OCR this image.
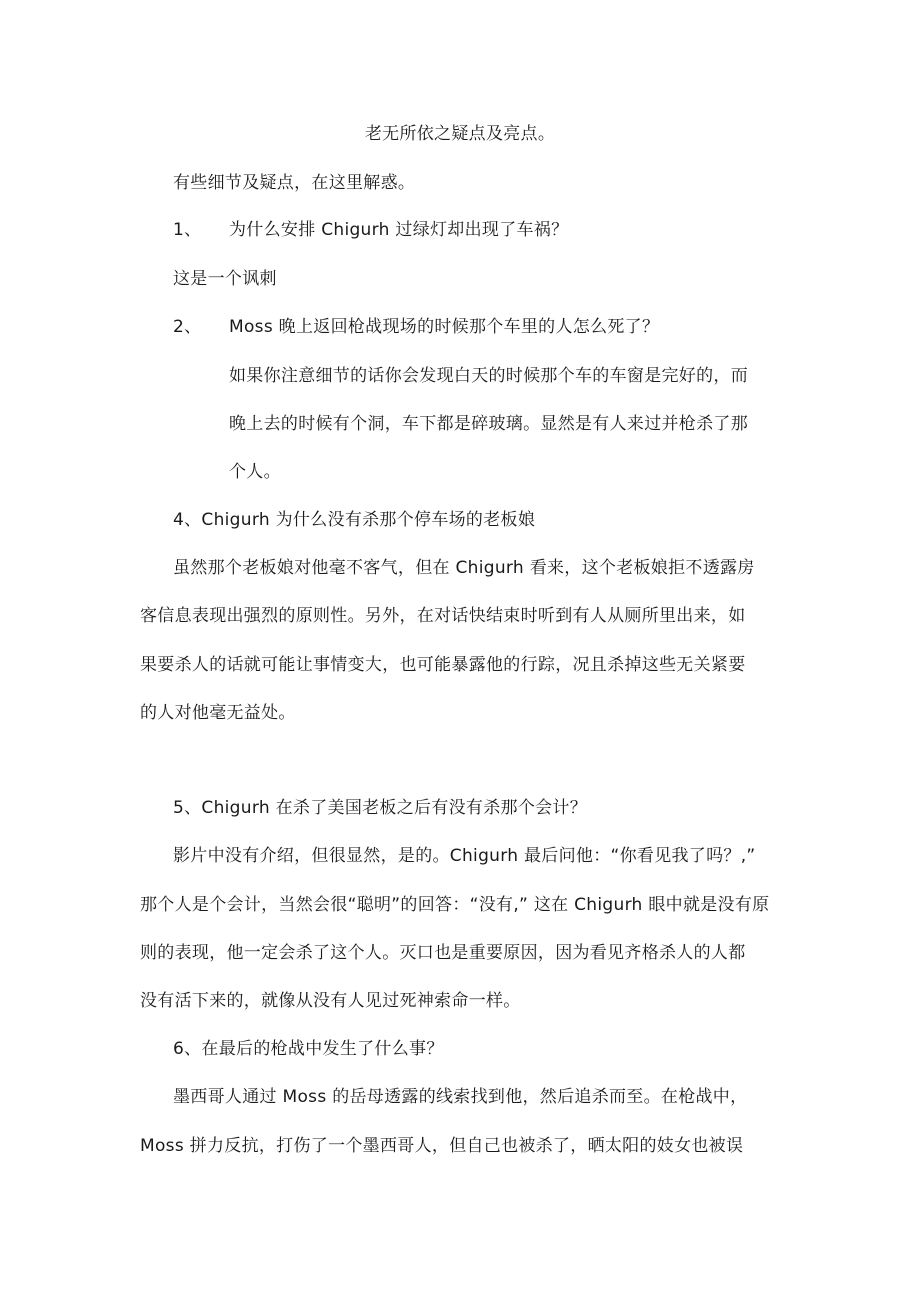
老无所依之疑点及亮点。
有些细节及疑点，在这里解惑。
1、 为什么安排 Chigurh 过绿灯却出现了车祸？
这是一个讽刺
2、 Moss 晚上返回枪战现场的时候那个车里的人怎么死了？
如果你注意细节的话你会发现白天的时候那个车的车窗是完好的，而
晚上去的时候有个洞，车下都是碎玻璃。显然是有人来过并枪杀了那
个人。
4、Chigurh 为什么没有杀那个停车场的老板娘
虽然那个老板娘对他毫不客气，但在 Chigurh 看来，这个老板娘拒不透露房
客信息表现出强烈的原则性。另外，在对话快结束时听到有人从厕所里出来，如
果要杀人的话就可能让事情变大，也可能暴露他的行踪，况且杀掉这些无关紧要
的人对他毫无益处。
5、Chigurh 在杀了美国老板之后有没有杀那个会计？
影片中没有介绍，但很显然，是的。Chigurh 最后问他：“你看见我了吗？,”
那个人是个会计，当然会很“聪明”的回答：“没有,” 这在 Chigurh 眼中就是没有原
则的表现，他一定会杀了这个人。灭口也是重要原因，因为看见齐格杀人的人都
没有活下来的，就像从没有人见过死神索命一样。
6、在最后的枪战中发生了什么事？
墨西哥人通过 Moss 的岳母透露的线索找到他，然后追杀而至。在枪战中，
Moss 拼力反抗，打伤了一个墨西哥人，但自己也被杀了，晒太阳的妓女也被误
